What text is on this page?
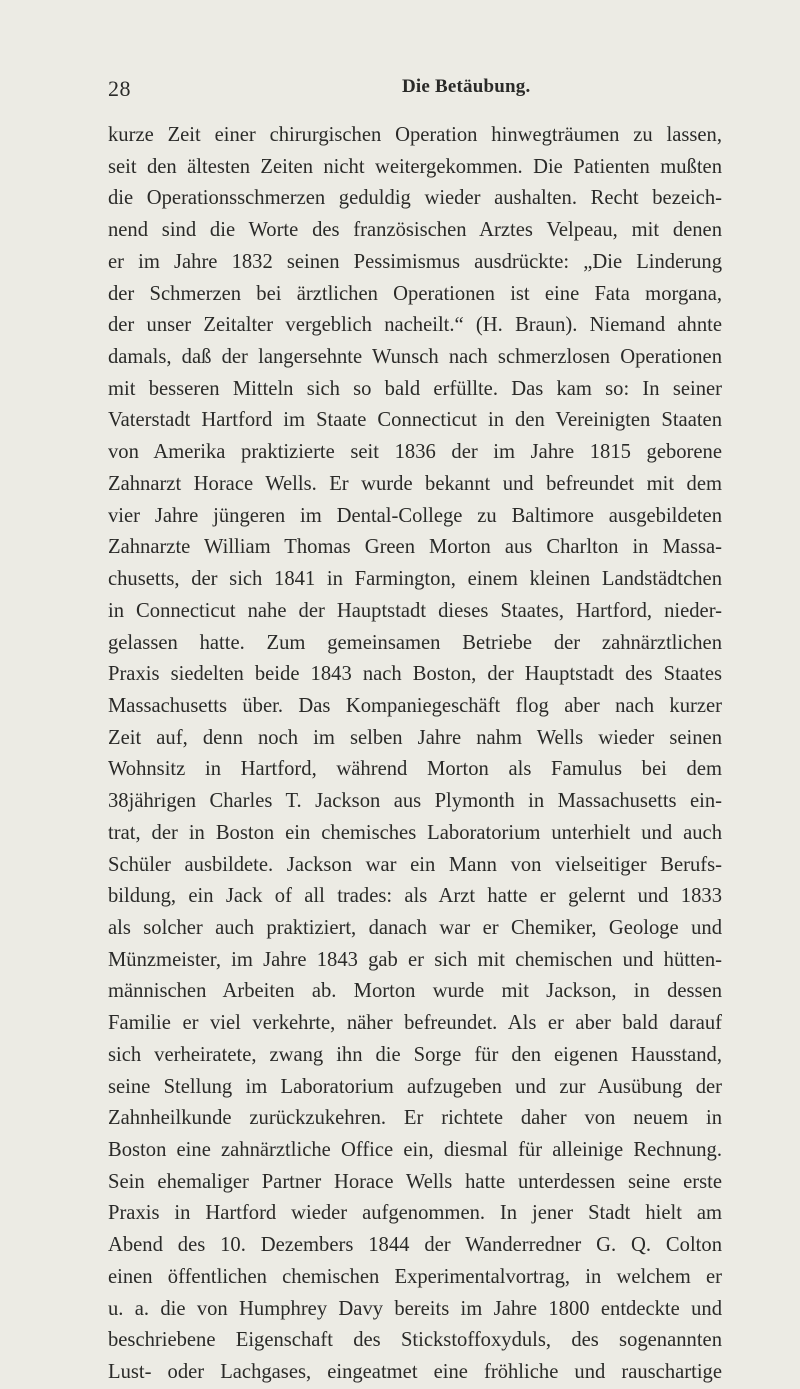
28	Die Betäubung.
kurze Zeit einer chirurgischen Operation hinwegträumen zu lassen,
seit den ältesten Zeiten nicht weitergekommen. Die Patienten mußten
die Operationsschmerzen geduldig wieder aushalten. Recht bezeich-
nend sind die Worte des französischen Arztes Velpeau, mit denen
er im Jahre 1832 seinen Pessimismus ausdrückte: „Die Linderung
der Schmerzen bei ärztlichen Operationen ist eine Fata morgana,
der unser Zeitalter vergeblich nacheilt.“ (H. Braun). Niemand ahnte
damals, daß der langersehnte Wunsch nach schmerzlosen Operationen
mit besseren Mitteln sich so bald erfüllte. Das kam so: In seiner
Vaterstadt Hartford im Staate Connecticut in den Vereinigten Staaten
von Amerika praktizierte seit 1836 der im Jahre 1815 geborene
Zahnarzt Horace Wells. Er wurde bekannt und befreundet mit dem
vier Jahre jüngeren im Dental-College zu Baltimore ausgebildeten
Zahnarzte William Thomas Green Morton aus Charlton in Massa-
chusetts, der sich 1841 in Farmington, einem kleinen Landstädtchen
in Connecticut nahe der Hauptstadt dieses Staates, Hartford, nieder-
gelassen hatte. Zum gemeinsamen Betriebe der zahnärztlichen
Praxis siedelten beide 1843 nach Boston, der Hauptstadt des Staates
Massachusetts über. Das Kompaniegeschäft flog aber nach kurzer
Zeit auf, denn noch im selben Jahre nahm Wells wieder seinen
Wohnsitz in Hartford, während Morton als Famulus bei dem
38jährigen Charles T. Jackson aus Plymonth in Massachusetts ein-
trat, der in Boston ein chemisches Laboratorium unterhielt und auch
Schüler ausbildete. Jackson war ein Mann von vielseitiger Berufs-
bildung, ein Jack of all trades: als Arzt hatte er gelernt und 1833
als solcher auch praktiziert, danach war er Chemiker, Geologe und
Münzmeister, im Jahre 1843 gab er sich mit chemischen und hütten-
männischen Arbeiten ab. Morton wurde mit Jackson, in dessen
Familie er viel verkehrte, näher befreundet. Als er aber bald darauf
sich verheiratete, zwang ihn die Sorge für den eigenen Hausstand,
seine Stellung im Laboratorium aufzugeben und zur Ausübung der
Zahnheilkunde zurückzukehren. Er richtete daher von neuem in
Boston eine zahnärztliche Office ein, diesmal für alleinige Rechnung.
Sein ehemaliger Partner Horace Wells hatte unterdessen seine erste
Praxis in Hartford wieder aufgenommen. In jener Stadt hielt am
Abend des 10. Dezembers 1844 der Wanderredner G. Q. Colton
einen öffentlichen chemischen Experimentalvortrag, in welchem er
u. a. die von Humphrey Davy bereits im Jahre 1800 entdeckte und
beschriebene Eigenschaft des Stickstoffoxyduls, des sogenannten
Lust- oder Lachgases, eingeatmet eine fröhliche und rauschartige
